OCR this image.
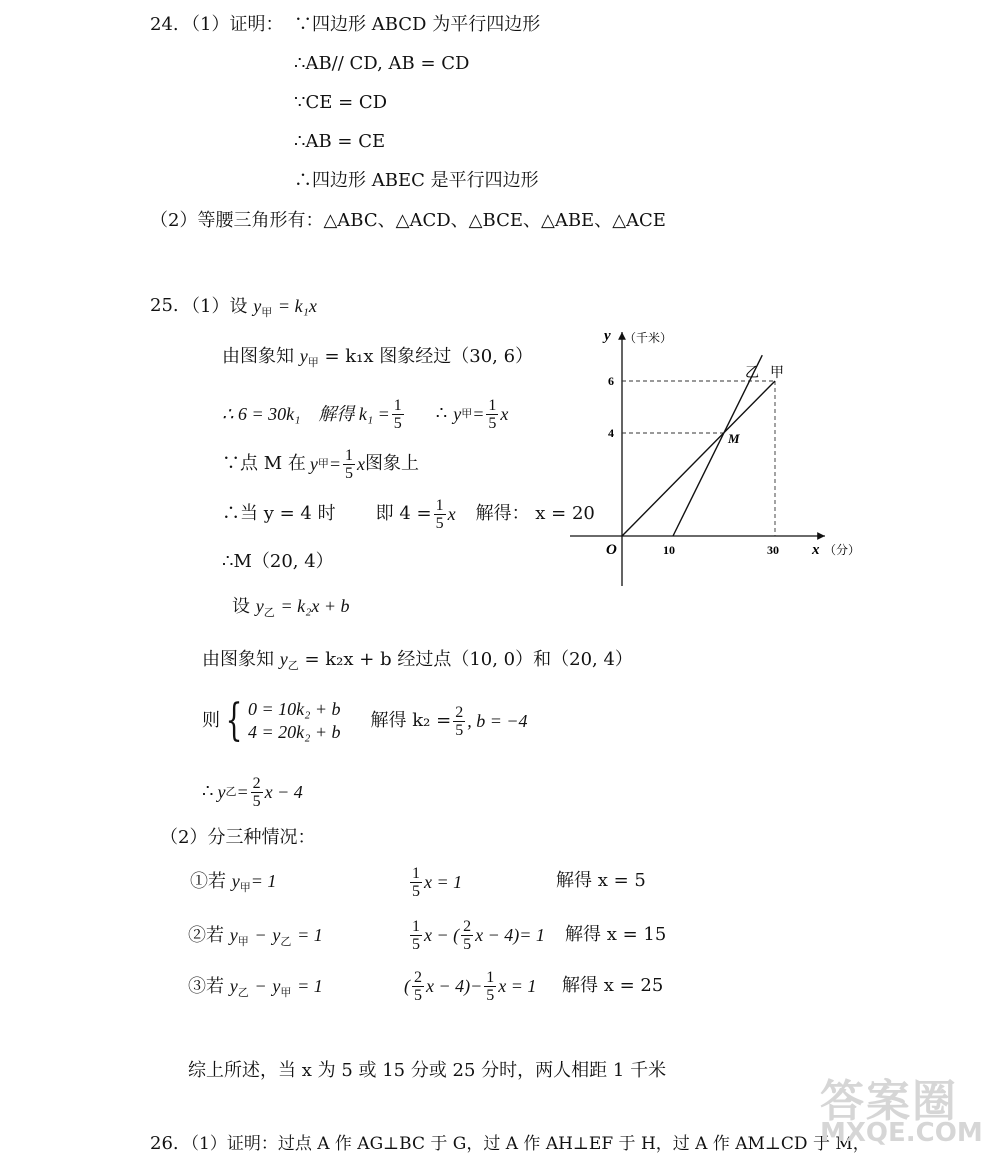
24. （1）证明： ∵四边形 ABCD 为平行四边形
∴AB// CD, AB = CD
∵CE = CD
∴AB = CE
∴四边形 ABEC 是平行四边形
（2）等腰三角形有：△ABC、△ACD、△BCE、△ABE、△ACE
25. （1）设 $y_甲 = k_1x$
由图象知 $y_甲 = k_1x$ 图象经过（30, 6）
∴ 6 = 30k₁ 解得 $k_1 = \frac{1}{5}$ ∴ y 甲 = $\frac{1}{5}$ x
∵点 M 在 y 甲 = $\frac{1}{5}$ x 图象上
∴当 y = 4 时 即 $4 = \frac{1}{5}$ x 解得： x = 20
∴M（20, 4）
设 $y_乙 = k_2x + b$
由图象知 $y_乙 = k_2x + b$ 经过点（10, 0）和（20, 4）
则 { 0 = 10k₂ + b
4 = 20k₂ + b
解得 $k_2 = \frac{2}{5}$ , b = −4
∴ y 乙 = $\frac{2}{5}$ x − 4
（2）分三种情况：
①若 $y_甲= 1$	$\frac{1}{5}$ x = 1	解得 x = 5
②若 $y_甲 - y_乙 = 1$	$\frac{1}{5}$ x − ( $\frac{2}{5}$ x − 4) = 1 解得 x = 15
③若 $y_乙 - y_甲 = 1$	( $\frac{2}{5}$ $x - 4) - \frac{1}{5}$ x = 1 解得 x = 25
综上所述，当 x 为 5 或 15 分或 25 分时，两人相距 1 千米
26. （1）证明：过点 A 作 AG⊥BC 于 G，过 A 作 AH⊥EF 于 H，过 A 作 AM⊥CD 于 M，
y （千米）
x （分）
O	10	30
6
4	M
乙 甲
答案圈
MXQE.COM
